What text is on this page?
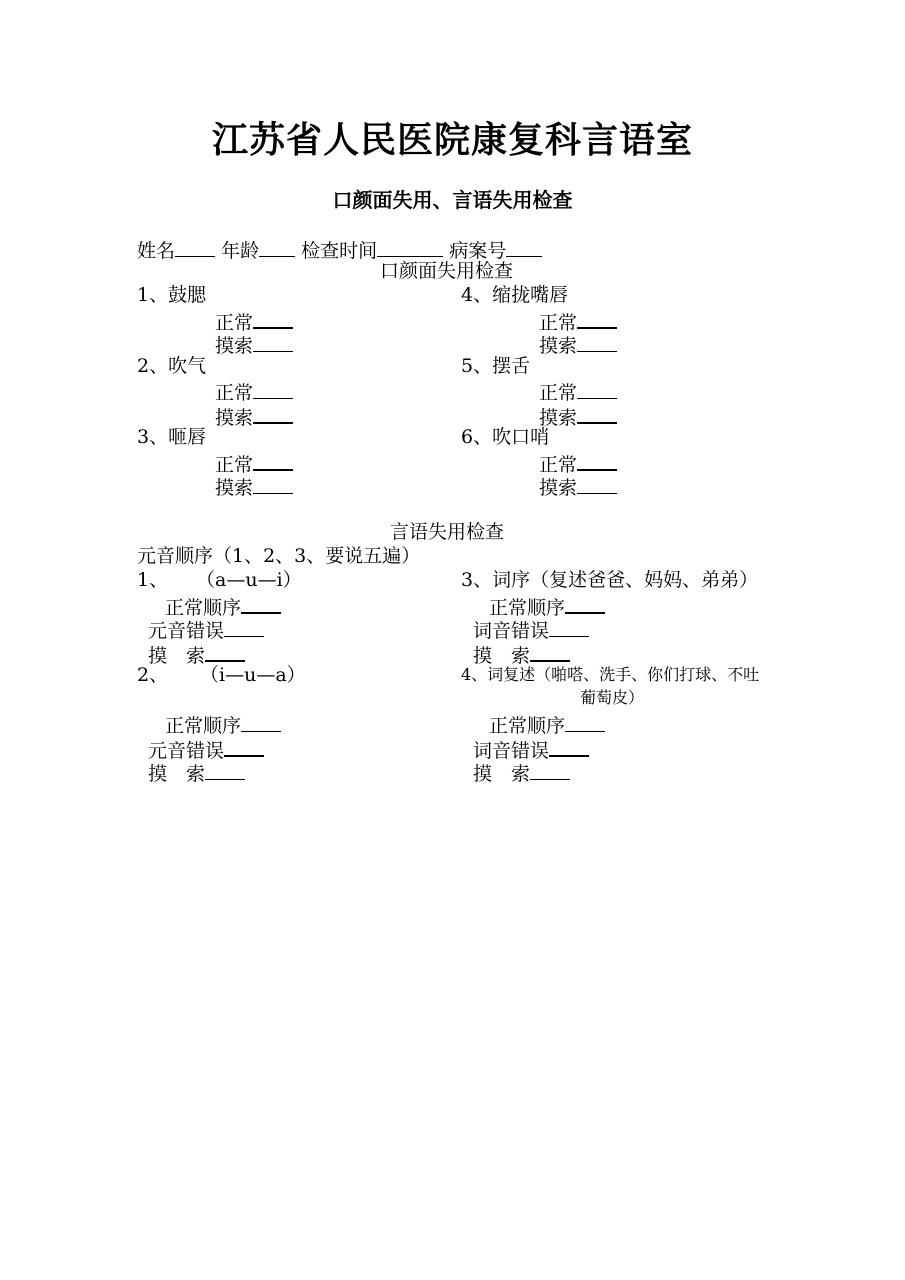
江苏省人民医院康复科言语室
口颜面失用、言语失用检查
姓名 年龄 检查时间	病案号
口颜面失用检查
1、鼓腮
正常
摸索
2、吹气
正常
摸索
3、咂唇
正常
摸索
4、缩拢嘴唇
正常
摸索
5、摆舌
正常
摸索
6、吹口哨
正常
摸索
言语失用检查
元音顺序（1、2、3、要说五遍）
1、 （a—u—i）
正常顺序
元音错误
摸　索
2、 （i—u—a）
正常顺序
元音错误
摸　索
3、词序（复述爸爸、妈妈、弟弟）
正常顺序
词音错误
摸　索
4、词复述（啪嗒、洗手、你们打球、不吐
葡萄皮）
正常顺序
词音错误
摸　索
